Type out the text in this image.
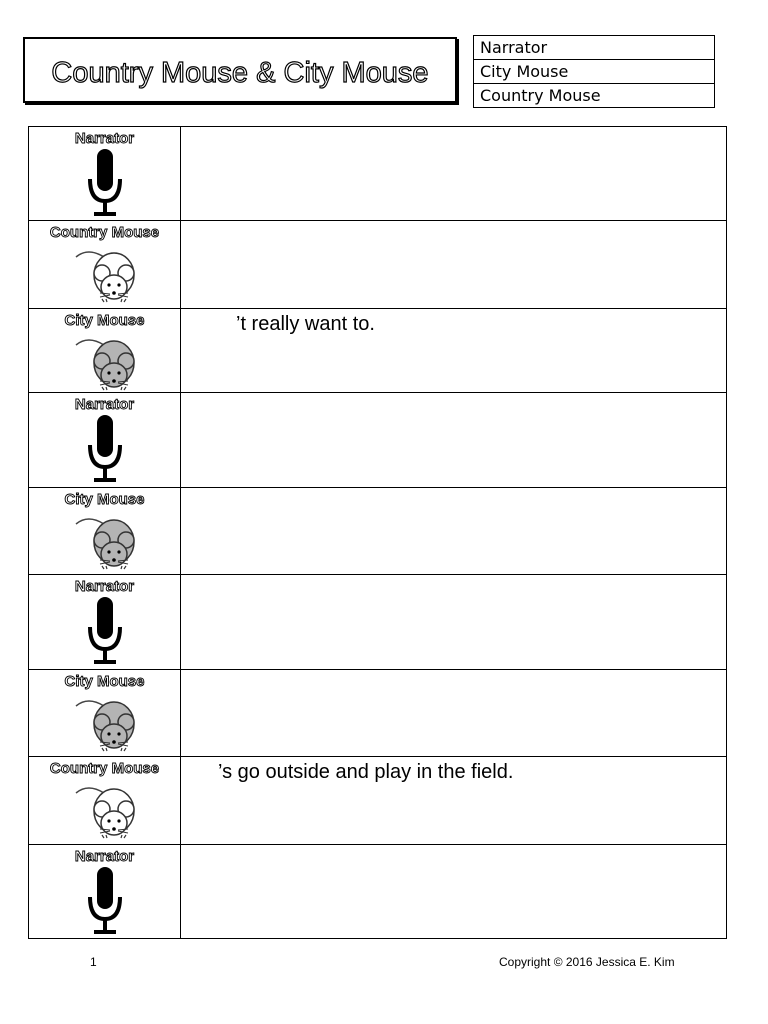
Country Mouse & City Mouse
Narrator
City Mouse
Country Mouse
Narrator	

Country Mouse	

City Mouse	’t really want to.

Narrator	

City Mouse	

Narrator	

City Mouse	

Country Mouse	’s go outside and play in the field.

Narrator	

1	Copyright © 2016 Jessica E. Kim
